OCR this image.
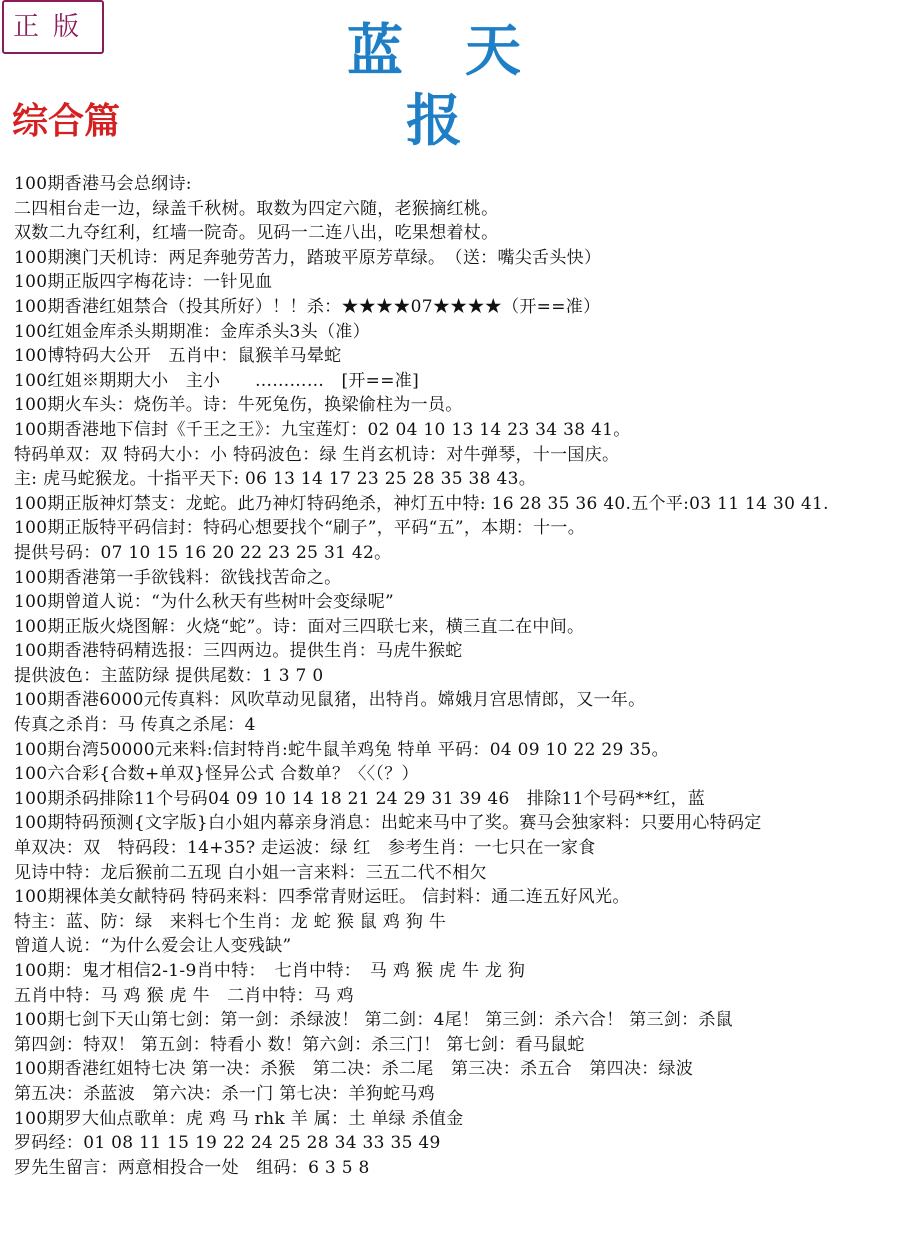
正版	蓝天报
综合篇
100期香港马会总纲诗:
二四相台走一边，绿盖千秋树。取数为四定六随，老猴摘红桃。
双数二九夺红利，红墙一院奇。见码一二连八出，吃果想着杖。
100期澳门天机诗：两足奔驰劳苦力，踏玻平原芳草绿。　（送：嘴尖舌头快）
100期正版四字梅花诗：一针见血
100期香港红姐禁合（投其所好）！！杀：★★★★07★★★★（开==准）
100红姐金库杀头期期准：金库杀头3头（准）
100博特码大公开　五肖中：鼠猴羊马晕蛇
100红姐※期期大小　主小　　…………　[开==准]
100期火车头：烧伤羊。诗：牛死兔伤，换梁偷柱为一员。
100期香港地下信封《千王之王》：九宝莲灯：02 04 10 13 14 23 34 38 41。
特码单双：双 特码大小：小 特码波色：绿 生肖玄机诗：对牛弹琴，十一国庆。
主: 虎马蛇猴龙。十指平天下: 06 13 14 17 23 25 28 35 38 43。
100期正版神灯禁支：龙蛇。此乃神灯特码绝杀，神灯五中特: 16 28 35 36 40.五个平:03 11 14 30 41.
100期正版特平码信封：特码心想要找个“刷子”，平码“五”，本期：十一。
提供号码：07 10 15 16 20 22 23 25 31 42。
100期香港第一手欲钱料：欲钱找苦命之。
100期曾道人说：“为什么秋天有些树叶会变绿呢”
100期正版火烧图解：火烧“蛇”。诗：面对三四联七来，横三直二在中间。
100期香港特码精选报：三四两边。提供生肖：马虎牛猴蛇
提供波色：主蓝防绿 提供尾数：1 3 7 0
100期香港6000元传真料：风吹草动见鼠猪，出特肖。嫦娥月宫思情郎，又一年。
传真之杀肖：马 传真之杀尾：4
100期台湾50000元来料:信封特肖:蛇牛鼠羊鸡兔 特单 平码：04 09 10 22 29 35。
100六合彩{合数+单双}怪异公式 合数单？〈〈（？）
100期杀码排除11个号码04 09 10 14 18 21 24 29 31 39 46　排除11个号码**红，蓝
100期特码预测{文字版}白小姐内幕亲身消息：出蛇来马中了奖。赛马会独家料：只要用心特码定
单双决：双　特码段：14+35? 走运波：绿 红　参考生肖：一七只在一家食
见诗中特：龙后猴前二五现 白小姐一言来料：三五二代不相欠
100期裸体美女献特码 特码来料：四季常青财运旺。 信封料：通二连五好风光。
特主：蓝、防：绿　来料七个生肖：龙 蛇 猴 鼠 鸡 狗 牛
曾道人说：“为什么爱会让人变残缺”
100期：鬼才相信2-1-9肖中特：　七肖中特：　马 鸡 猴 虎 牛 龙 狗
五肖中特：马 鸡 猴 虎 牛　二肖中特：马 鸡
100期七剑下天山第七剑：第一剑：杀绿波！ 第二剑：4尾！ 第三剑：杀六合！ 第三剑：杀鼠
第四剑：特双！ 第五剑：特看小 数！第六剑：杀三门！ 第七剑：看马鼠蛇
100期香港红姐特七决 第一决：杀猴　第二决：杀二尾　第三决：杀五合　第四决：绿波
第五决：杀蓝波　第六决：杀一门 第七决：羊狗蛇马鸡
100期罗大仙点歌单：虎 鸡 马 rhk 羊 属：土 单绿 杀值金
罗码经：01 08 11 15 19 22 24 25 28 34 33 35 49
罗先生留言：两意相投合一处　组码：6 3 5 8
